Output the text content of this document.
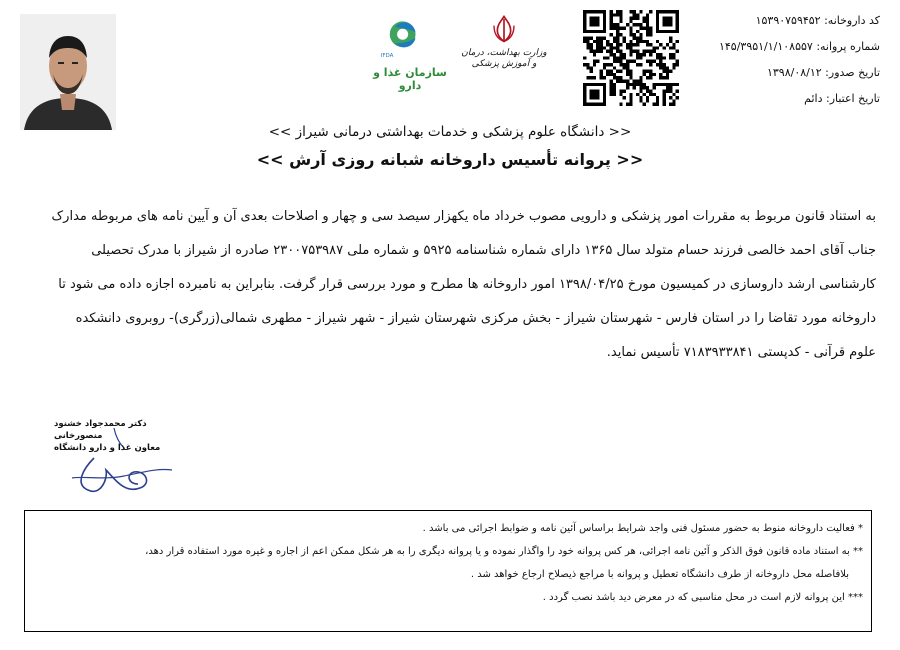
کد داروخانه: ۱۵۳۹۰۷۵۹۴۵۲
شماره پروانه: ۱۴۵/۳۹۵۱/۱/۱۰۸۵۵۷
تاریخ صدور: ۱۳۹۸/۰۸/۱۲
تاریخ اعتبار: دائم
وزارت بهداشت، درمان و آموزش پزشکی
IFDA
سازمان غذا و دارو
<< دانشگاه علوم پزشکی و خدمات بهداشتی درمانی شیراز >>
<< پروانه تأسیس داروخانه شبانه روزی آرش >>

به استناد قانون مربوط به مقررات امور پزشکی و دارویی مصوب خرداد ماه یکهزار سیصد سی و چهار و اصلاحات بعدی آن و آیین نامه های مربوطه مدارک

جناب آقای احمد خالصی فرزند حسام متولد سال ۱۳۶۵ دارای شماره شناسنامه ۵۹۲۵ و شماره ملی ۲۳۰۰۷۵۳۹۸۷ صادره از شیراز با مدرک تحصیلی

کارشناسی ارشد داروسازی در کمیسیون مورخ ۱۳۹۸/۰۴/۲۵ امور داروخانه ها مطرح و مورد بررسی قرار گرفت. بنابراین به نامبرده اجازه داده می شود تا

داروخانه مورد تقاضا را در استان فارس - شهرستان شیراز - بخش مرکزی شهرستان شیراز - شهر شیراز - مطهری شمالی(زرگری)- روبروی دانشکده

علوم قرآنی - کدپستی ۷۱۸۳۹۳۳۸۴۱ تأسیس نماید.

دکتر محمدجواد خشنود منصورخانی
معاون غذا و دارو دانشگاه
* فعالیت داروخانه منوط به حضور مسئول فنی واجد شرایط براساس آئین نامه و ضوابط اجرائی می باشد .
** به استناد ماده قانون فوق الذکر و آئین نامه اجرائی، هر کس پروانه خود را واگذار نموده و یا پروانه دیگری را به هر شکل ممکن اعم از اجاره و غیره مورد استفاده قرار دهد،
بلافاصله محل داروخانه از طرف دانشگاه تعطیل و پروانه با مراجع ذیصلاح ارجاع خواهد شد .
*** این پروانه لازم است در محل مناسبی که در معرض دید باشد نصب گردد .
